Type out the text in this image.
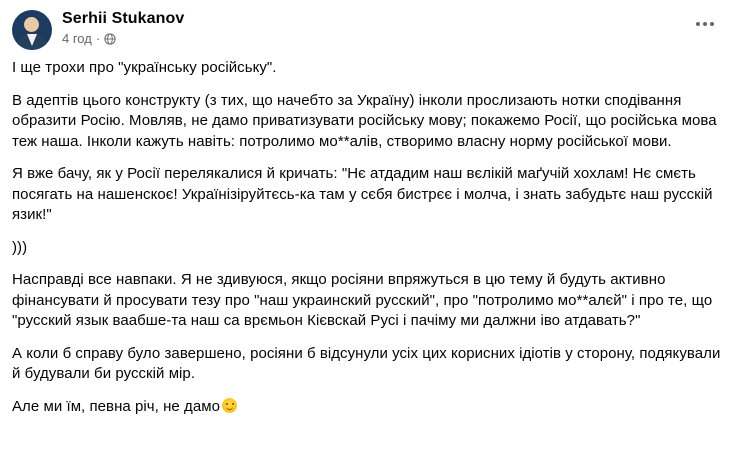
Serhii Stukanov
4 год ·

І ще трохи про "українську російську".

В адептів цього конструкту (з тих, що начебто за Україну) інколи прослизають нотки сподівання образити Росію. Мовляв, не дамо приватизувати російську мову; покажемо Росії, що російська мова теж наша. Інколи кажуть навіть: потролимо мо**алів, створимо власну норму російської мови.

Я вже бачу, як у Росії перелякалися й кричать: "Нє атдадим наш вєлікій маґучій хохлам! Нє смєть посягать на нашенскоє! Українізіруйтєсь-ка там у сєбя бистрєє і молча, і знать забудьтє наш русскій язик!"

)))

Насправді все навпаки. Я не здивуюся, якщо росіяни впряжуться в цю тему й будуть активно фінансувати й просувати тезу про "наш украинский русский", про "потролимо мо**алєй" і про те, що "русский язык ваабше-та наш са врємьон Кієвскай Русі і пачіму ми далжни іво атдавать?"

А коли б справу було завершено, росіяни б відсунули усіх цих корисних ідіотів у сторону, подякували й будували би русскій мір.

Але ми їм, певна річ, не дамо
